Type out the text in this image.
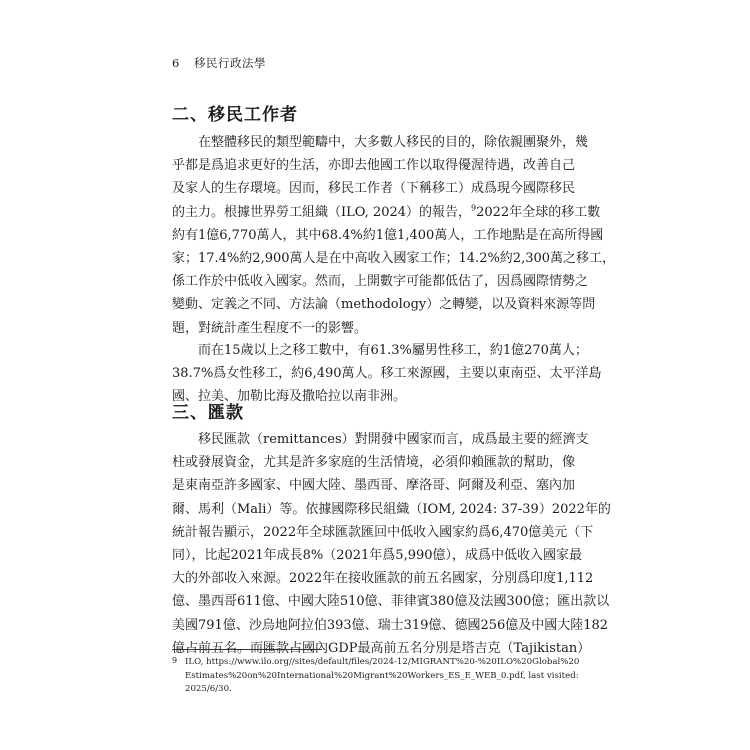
6 移民行政法學
二、移民工作者
在整體移民的類型範疇中，大多數人移民的目的，除依親團聚外，幾
乎都是爲追求更好的生活，亦即去他國工作以取得優渥待遇，改善自己
及家人的生存環境。因而，移民工作者（下稱移工）成爲現今國際移民
的主力。根據世界勞工組織（ILO, 2024）的報告，$^9$2022年全球的移工數
約有1億6,770萬人，其中68.4%約1億1,400萬人，工作地點是在高所得國
家；17.4%約2,900萬人是在中高收入國家工作；14.2%約2,300萬之移工，
係工作於中低收入國家。然而，上開數字可能都低估了，因爲國際情勢之
變動、定義之不同、方法論（methodology）之轉變，以及資料來源等問
題，對統計產生程度不一的影響。
而在15歲以上之移工數中，有61.3%屬男性移工，約1億270萬人；
38.7%爲女性移工，約6,490萬人。移工來源國，主要以東南亞、太平洋島
國、拉美、加勒比海及撒哈拉以南非洲。
三、匯款
移民匯款（remittances）對開發中國家而言，成爲最主要的經濟支
柱或發展資金，尤其是許多家庭的生活情境，必須仰賴匯款的幫助，像
是東南亞許多國家、中國大陸、墨西哥、摩洛哥、阿爾及利亞、塞內加
爾、馬利（Mali）等。依據國際移民組織（IOM, 2024: 37-39）2022年的
統計報告顯示，2022年全球匯款匯回中低收入國家約爲6,470億美元（下
同），比起2021年成長8%（2021年爲5,990億），成爲中低收入國家最
大的外部收入來源。2022年在接收匯款的前五名國家，分別爲印度1,112
億、墨西哥611億、中國大陸510億、菲律賓380億及法國300億；匯出款以
美國791億、沙烏地阿拉伯393億、瑞士319億、德國256億及中國大陸182
億占前五名。而匯款占國內GDP最高前五名分別是塔吉克（Tajikistan）
9 ILO, https://www.ilo.org//sites/default/files/2024-12/MIGRANT%20-%20ILO%20Global%20
Estimates%20on%20International%20Migrant%20Workers_ES_E_WEB_0.pdf, last visited:
2025/6/30.
